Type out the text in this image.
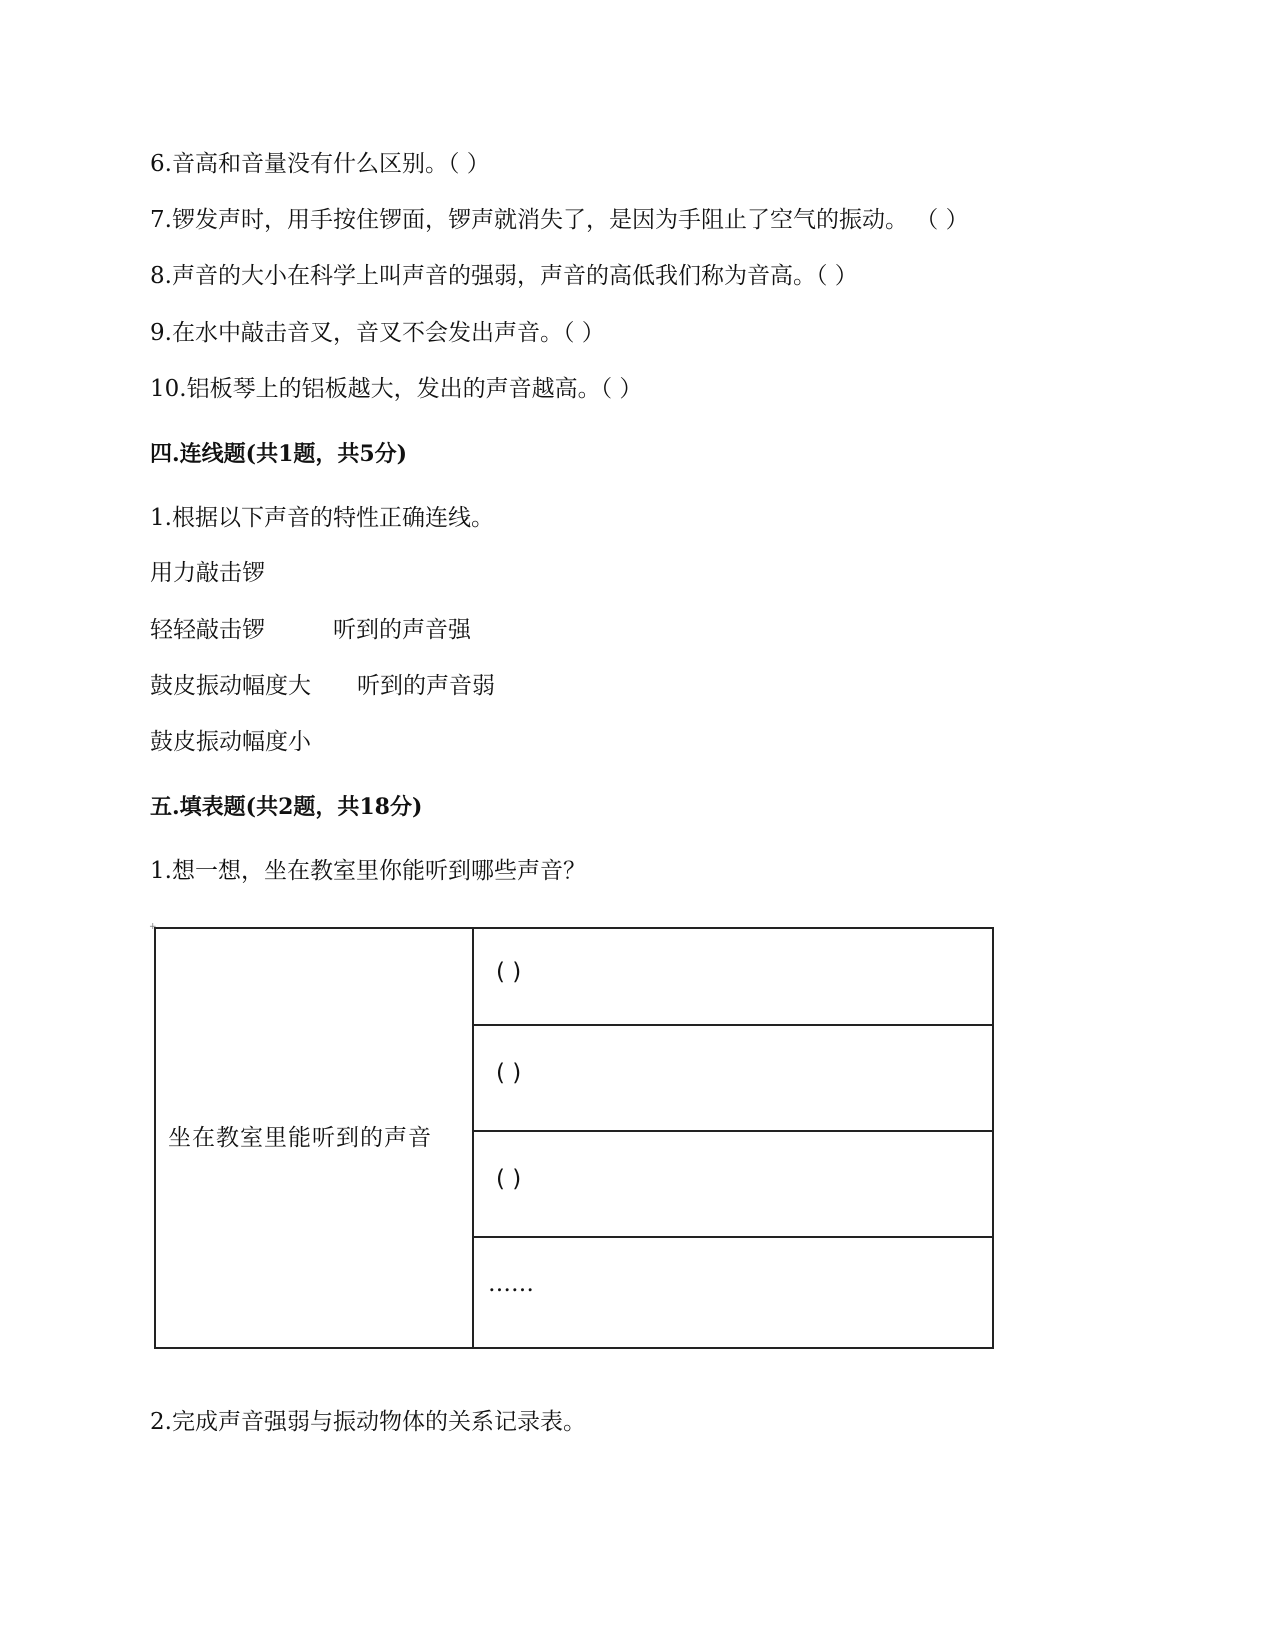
6.音高和音量没有什么区别。（ ）
7.锣发声时，用手按住锣面，锣声就消失了，是因为手阻止了空气的振动。 （ ）
8.声音的大小在科学上叫声音的强弱，声音的高低我们称为音高。（ ）
9.在水中敲击音叉，音叉不会发出声音。（ ）
10.铝板琴上的铝板越大，发出的声音越高。（ ）
四.连线题(共1题，共5分)
1.根据以下声音的特性正确连线。
用力敲击锣
轻轻敲击锣	听到的声音强
鼓皮振动幅度大 听到的声音弱
鼓皮振动幅度小
五.填表题(共2题，共18分)
1.想一想，坐在教室里你能听到哪些声音？
+
坐在教室里能听到的声音	( )
( )
( )
……
2.完成声音强弱与振动物体的关系记录表。
